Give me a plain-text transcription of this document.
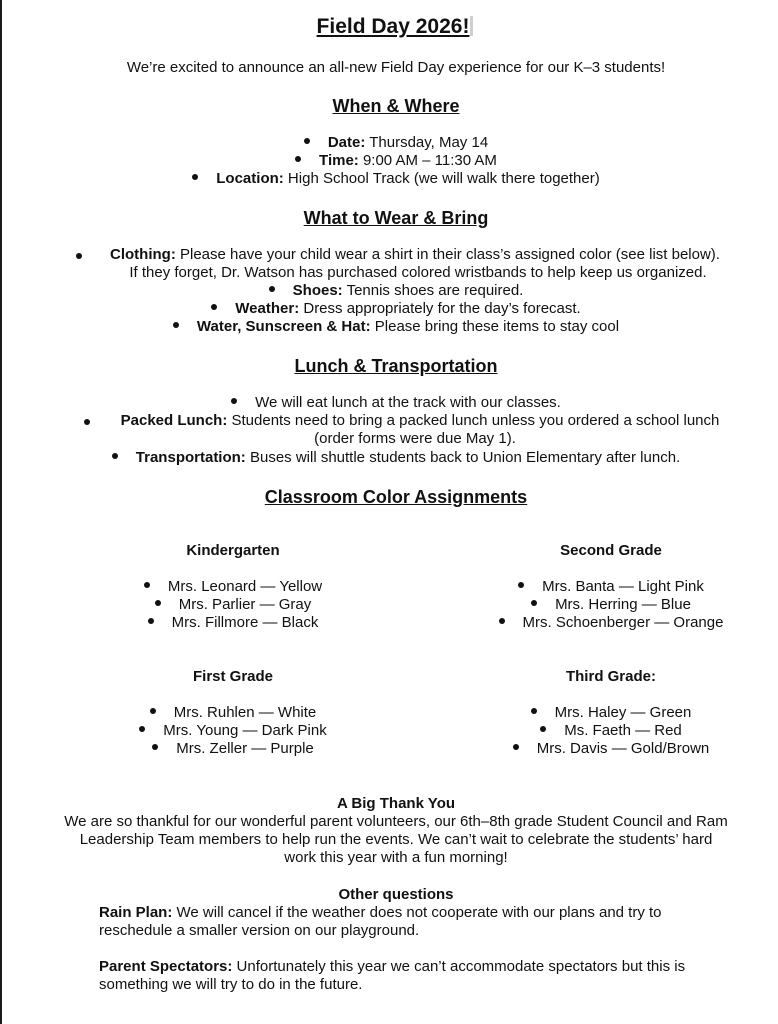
Field Day 2026!
We’re excited to announce an all-new Field Day experience for our K–3 students!
When & Where
Date: Thursday, May 14
Time: 9:00 AM – 11:30 AM
Location: High School Track (we will walk there together)
What to Wear & Bring
Clothing: Please have your child wear a shirt in their class’s assigned color (see list below).
If they forget, Dr. Watson has purchased colored wristbands to help keep us organized.
Shoes: Tennis shoes are required.
Weather: Dress appropriately for the day’s forecast.
Water, Sunscreen & Hat: Please bring these items to stay cool
Lunch & Transportation
We will eat lunch at the track with our classes.
Packed Lunch: Students need to bring a packed lunch unless you ordered a school lunch
(order forms were due May 1).
Transportation: Buses will shuttle students back to Union Elementary after lunch.
Classroom Color Assignments
Kindergarten
Mrs. Leonard — Yellow
Mrs. Parlier — Gray
Mrs. Fillmore — Black
Second Grade
Mrs. Banta — Light Pink
Mrs. Herring — Blue
Mrs. Schoenberger — Orange
First Grade
Mrs. Ruhlen — White
Mrs. Young — Dark Pink
Mrs. Zeller — Purple
Third Grade:
Mrs. Haley — Green
Ms. Faeth — Red
Mrs. Davis — Gold/Brown
A Big Thank You
We are so thankful for our wonderful parent volunteers, our 6th–8th grade Student Council and Ram
Leadership Team members to help run the events. We can’t wait to celebrate the students’ hard
work this year with a fun morning!
Other questions
Rain Plan: We will cancel if the weather does not cooperate with our plans and try to
reschedule a smaller version on our playground.
Parent Spectators: Unfortunately this year we can’t accommodate spectators but this is
something we will try to do in the future.
